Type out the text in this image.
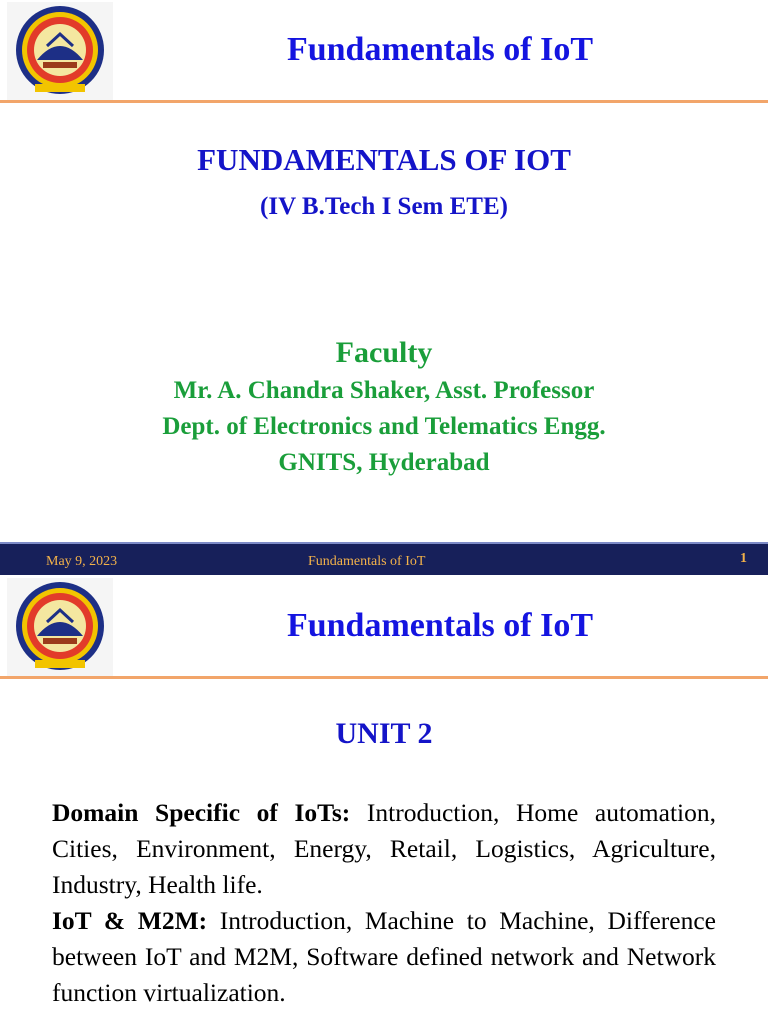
Fundamentals of IoT
FUNDAMENTALS OF IOT
(IV B.Tech I Sem ETE)
Faculty
Mr. A. Chandra Shaker, Asst. Professor
Dept. of Electronics and Telematics Engg.
GNITS, Hyderabad
May 9, 2023	Fundamentals of IoT	1
Fundamentals of IoT
UNIT 2

Domain Specific of IoTs: Introduction, Home automation, Cities, Environment, Energy, Retail, Logistics, Agriculture, Industry, Health life.

IoT & M2M: Introduction, Machine to Machine, Difference between IoT and M2M, Software defined network and Network function virtualization.
